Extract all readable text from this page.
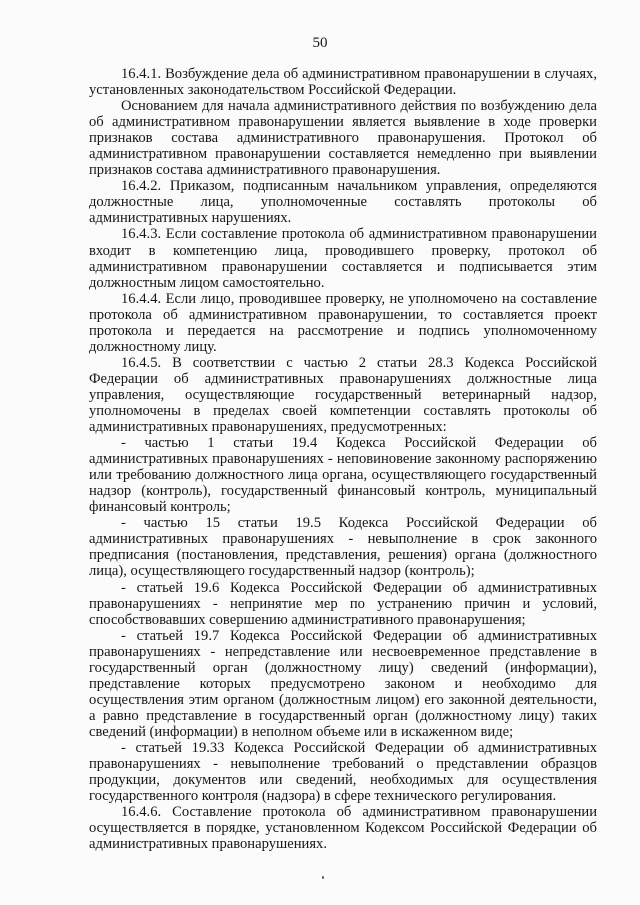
50

16.4.1. Возбуждение дела об административном правонарушении в случаях, установленных законодательством Российской Федерации.

Основанием для начала административного действия по возбуждению дела об административном правонарушении является выявление в ходе проверки признаков состава административного правонарушения. Протокол об административном правонарушении составляется немедленно при выявлении признаков состава административного правонарушения.

16.4.2. Приказом, подписанным начальником управления, определяются должностные лица, уполномоченные составлять протоколы об административных нарушениях.

16.4.3. Если составление протокола об административном правонарушении входит в компетенцию лица, проводившего проверку, протокол об административном правонарушении составляется и подписывается этим должностным лицом самостоятельно.

16.4.4. Если лицо, проводившее проверку, не уполномочено на составление протокола об административном правонарушении, то составляется проект протокола и передается на рассмотрение и подпись уполномоченному должностному лицу.

16.4.5. В соответствии с частью 2 статьи 28.3 Кодекса Российской Федерации об административных правонарушениях должностные лица управления, осуществляющие государственный ветеринарный надзор, уполномочены в пределах своей компетенции составлять протоколы об административных правонарушениях, предусмотренных:

- частью 1 статьи 19.4 Кодекса Российской Федерации об административных правонарушениях - неповиновение законному распоряжению или требованию должностного лица органа, осуществляющего государственный надзор (контроль), государственный финансовый контроль, муниципальный финансовый контроль;

- частью 15 статьи 19.5 Кодекса Российской Федерации об административных правонарушениях - невыполнение в срок законного предписания (постановления, представления, решения) органа (должностного лица), осуществляющего государственный надзор (контроль);

- статьей 19.6 Кодекса Российской Федерации об административных правонарушениях - непринятие мер по устранению причин и условий, способствовавших совершению административного правонарушения;

- статьей 19.7 Кодекса Российской Федерации об административных правонарушениях - непредставление или несвоевременное представление в государственный орган (должностному лицу) сведений (информации), представление которых предусмотрено законом и необходимо для осуществления этим органом (должностным лицом) его законной деятельности, а равно представление в государственный орган (должностному лицу) таких сведений (информации) в неполном объеме или в искаженном виде;

- статьей 19.33 Кодекса Российской Федерации об административных правонарушениях - невыполнение требований о представлении образцов продукции, документов или сведений, необходимых для осуществления государственного контроля (надзора) в сфере технического регулирования.

16.4.6. Составление протокола об административном правонарушении осуществляется в порядке, установленном Кодексом Российской Федерации об административных правонарушениях.
